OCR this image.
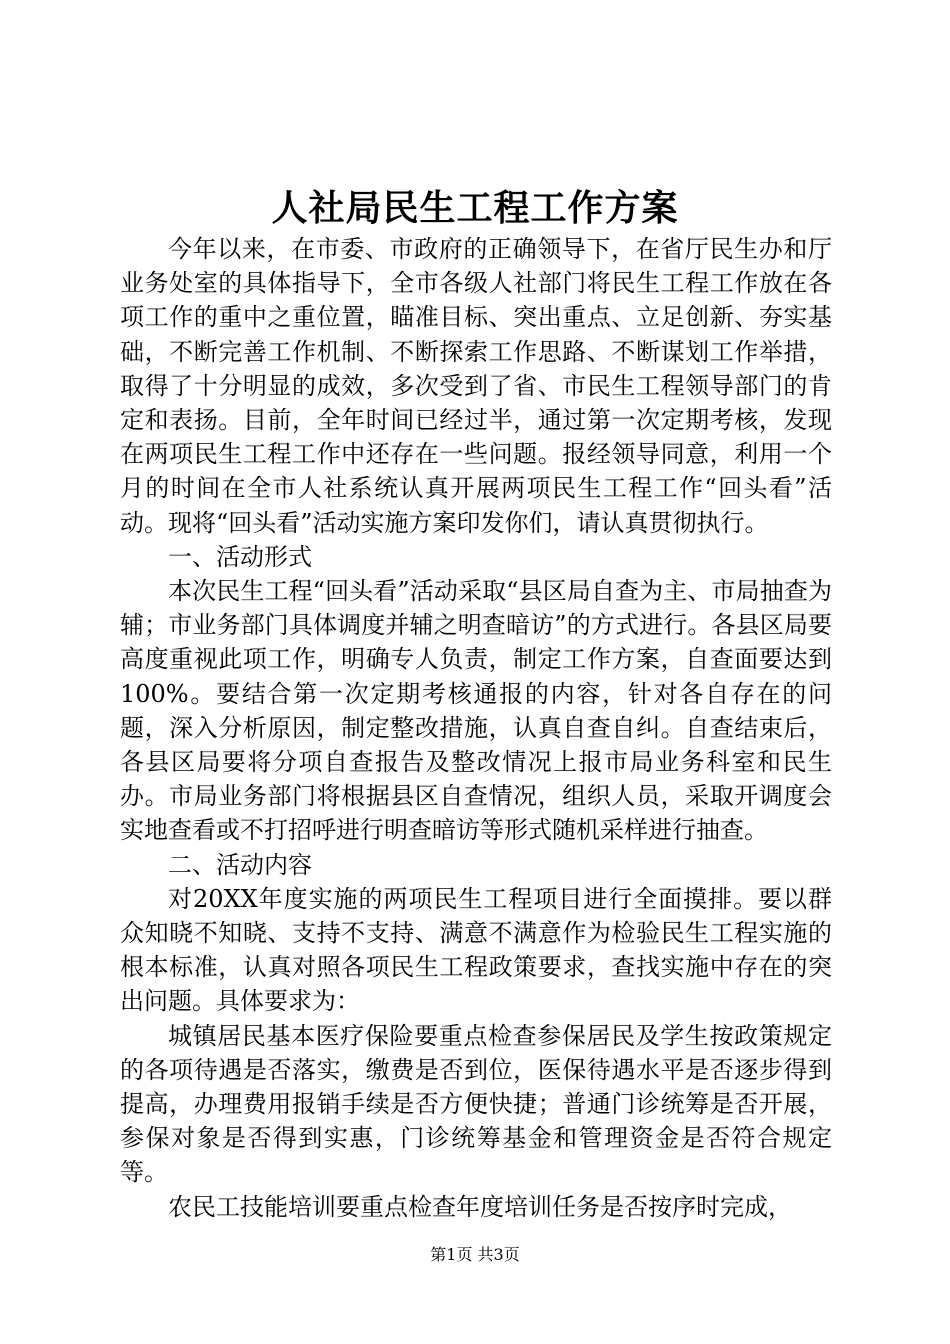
人社局民生工程工作方案

今年以来，在市委、市政府的正确领导下，在省厅民生办和厅业务处室的具体指导下，全市各级人社部门将民生工程工作放在各项工作的重中之重位置，瞄准目标、突出重点、立足创新、夯实基础，不断完善工作机制、不断探索工作思路、不断谋划工作举措，取得了十分明显的成效，多次受到了省、市民生工程领导部门的肯定和表扬。目前，全年时间已经过半，通过第一次定期考核，发现在两项民生工程工作中还存在一些问题。报经领导同意，利用一个月的时间在全市人社系统认真开展两项民生工程工作“回头看”活动。现将“回头看”活动实施方案印发你们，请认真贯彻执行。

一、活动形式

本次民生工程“回头看”活动采取“县区局自查为主、市局抽查为辅；市业务部门具体调度并辅之明查暗访”的方式进行。各县区局要高度重视此项工作，明确专人负责，制定工作方案，自查面要达到100%。要结合第一次定期考核通报的内容，针对各自存在的问题，深入分析原因，制定整改措施，认真自查自纠。自查结束后，各县区局要将分项自查报告及整改情况上报市局业务科室和民生办。市局业务部门将根据县区自查情况，组织人员，采取开调度会实地查看或不打招呼进行明查暗访等形式随机采样进行抽查。

二、活动内容

对20XX年度实施的两项民生工程项目进行全面摸排。要以群众知晓不知晓、支持不支持、满意不满意作为检验民生工程实施的根本标准，认真对照各项民生工程政策要求，查找实施中存在的突出问题。具体要求为：

城镇居民基本医疗保险要重点检查参保居民及学生按政策规定的各项待遇是否落实，缴费是否到位，医保待遇水平是否逐步得到提高，办理费用报销手续是否方便快捷；普通门诊统筹是否开展，参保对象是否得到实惠，门诊统筹基金和管理资金是否符合规定等。

农民工技能培训要重点检查年度培训任务是否按序时完成，

第1页 共3页
